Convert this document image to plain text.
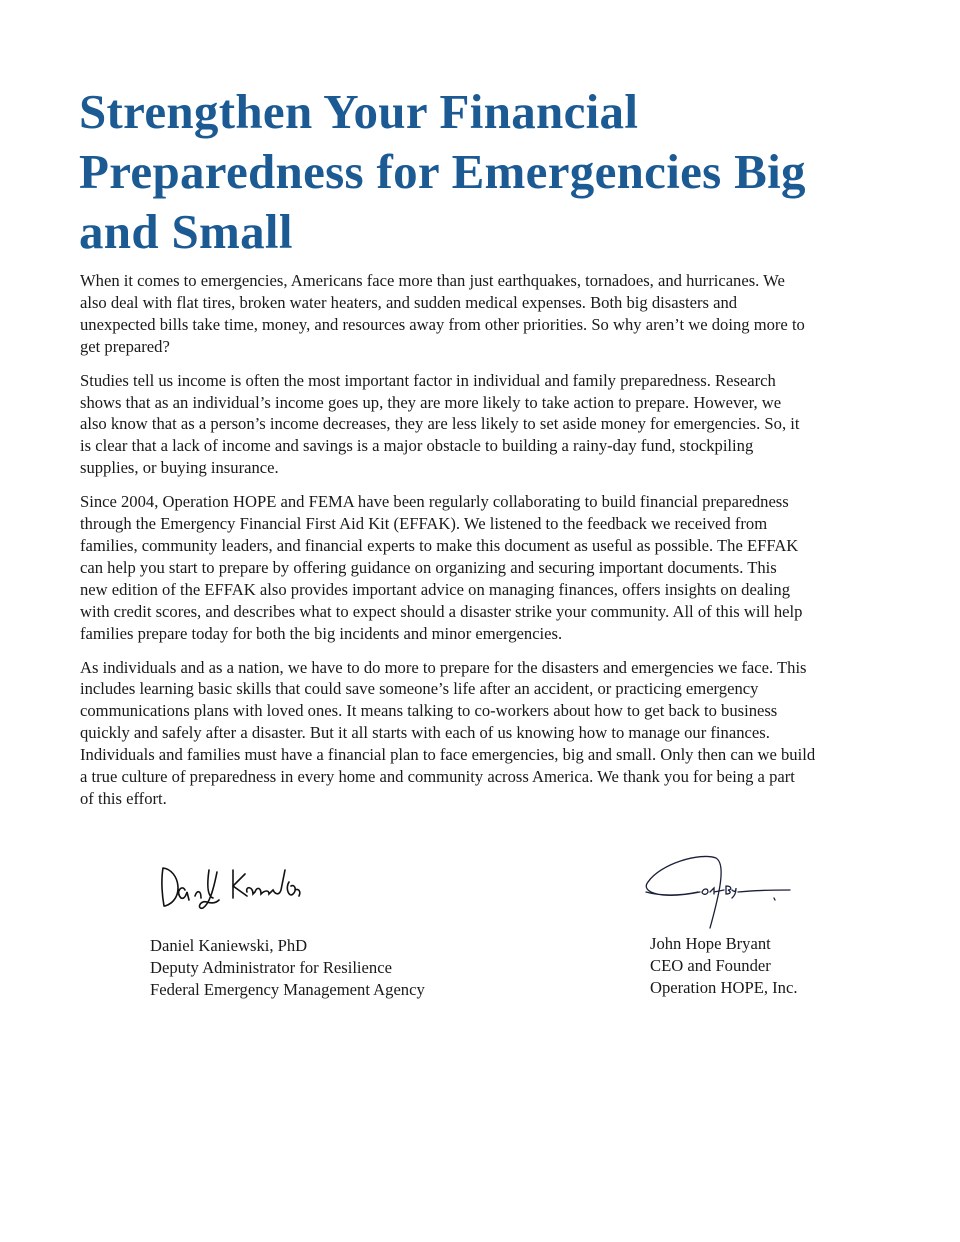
Strengthen Your Financial
Preparedness for Emergencies Big
and Small

When it comes to emergencies, Americans face more than just earthquakes, tornadoes, and hurricanes. We
also deal with flat tires, broken water heaters, and sudden medical expenses. Both big disasters and
unexpected bills take time, money, and resources away from other priorities. So why aren’t we doing more to
get prepared?

Studies tell us income is often the most important factor in individual and family preparedness. Research
shows that as an individual’s income goes up, they are more likely to take action to prepare. However, we
also know that as a person’s income decreases, they are less likely to set aside money for emergencies. So, it
is clear that a lack of income and savings is a major obstacle to building a rainy-day fund, stockpiling
supplies, or buying insurance.

Since 2004, Operation HOPE and FEMA have been regularly collaborating to build financial preparedness
through the Emergency Financial First Aid Kit (EFFAK). We listened to the feedback we received from
families, community leaders, and financial experts to make this document as useful as possible. The EFFAK
can help you start to prepare by offering guidance on organizing and securing important documents. This
new edition of the EFFAK also provides important advice on managing finances, offers insights on dealing
with credit scores, and describes what to expect should a disaster strike your community. All of this will help
families prepare today for both the big incidents and minor emergencies.

As individuals and as a nation, we have to do more to prepare for the disasters and emergencies we face. This
includes learning basic skills that could save someone’s life after an accident, or practicing emergency
communications plans with loved ones. It means talking to co-workers about how to get back to business
quickly and safely after a disaster. But it all starts with each of us knowing how to manage our finances.
Individuals and families must have a financial plan to face emergencies, big and small. Only then can we build
a true culture of preparedness in every home and community across America. We thank you for being a part
of this effort.

Daniel Kaniewski, PhD
Deputy Administrator for Resilience
Federal Emergency Management Agency
John Hope Bryant
CEO and Founder
Operation HOPE, Inc.
